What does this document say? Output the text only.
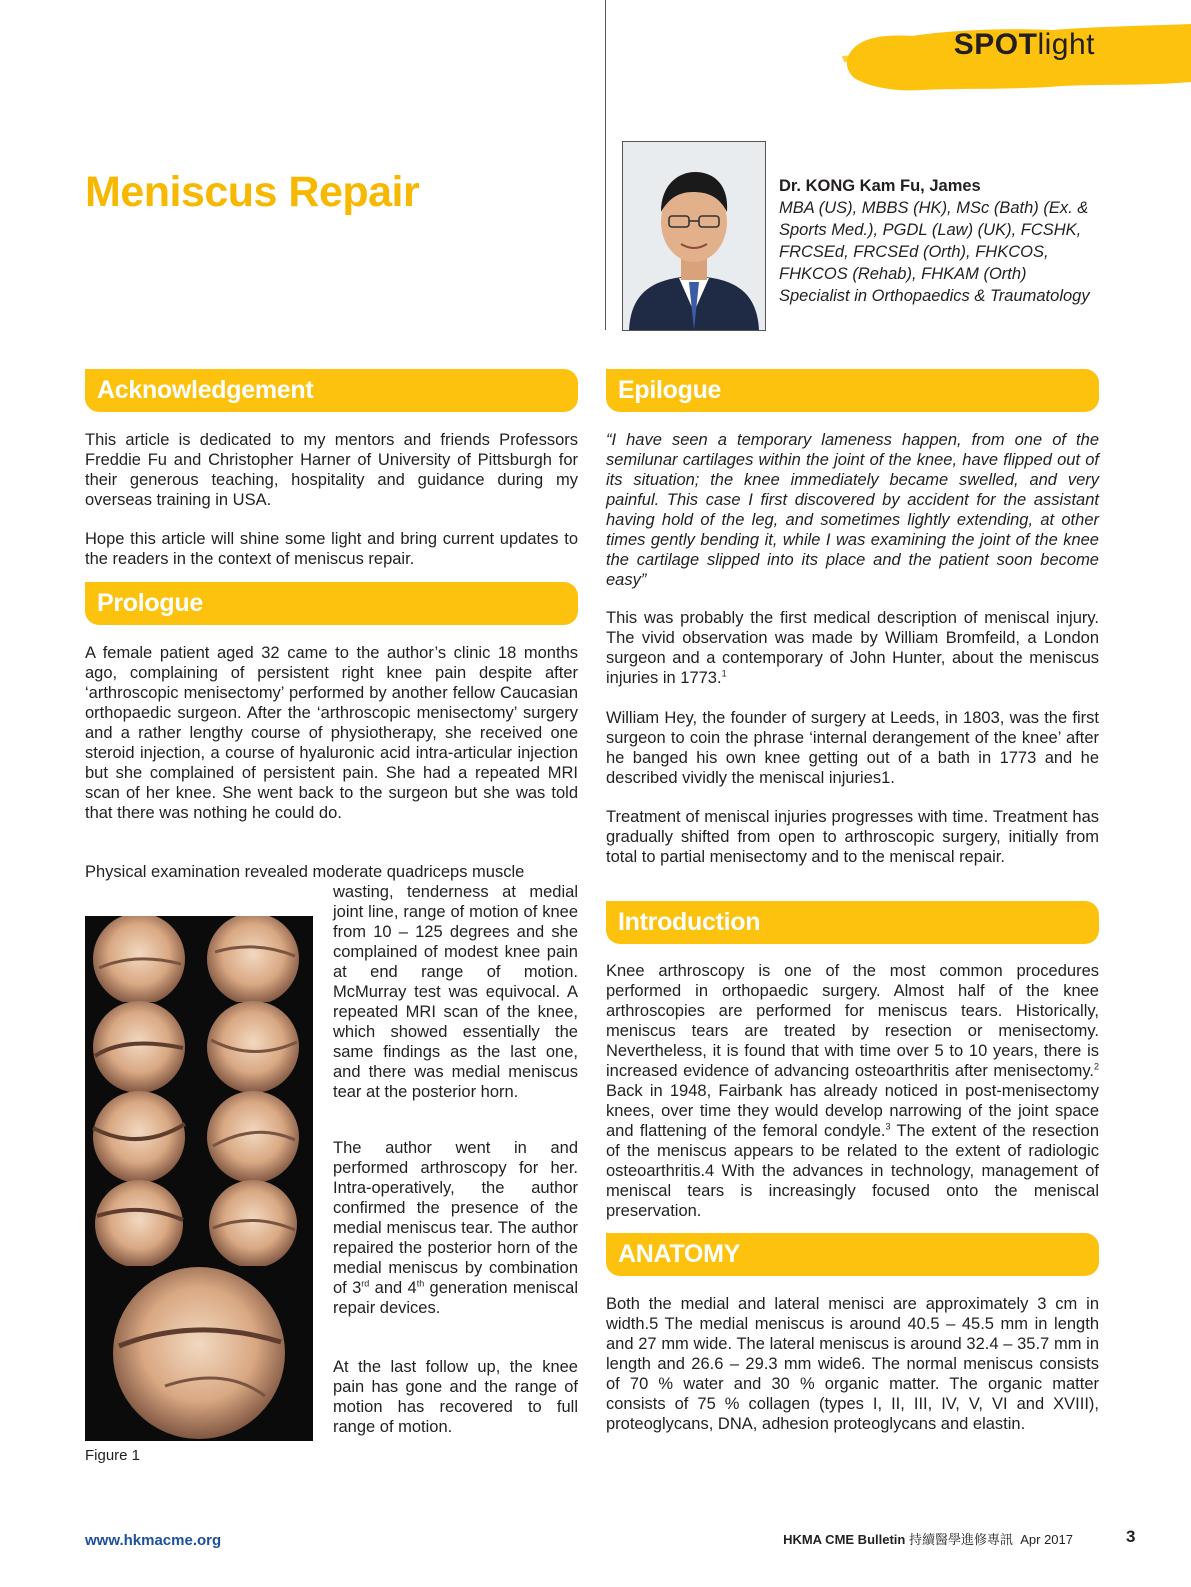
SPOTlight
Meniscus Repair	Dr. KONG Kam Fu, James
MBA (US), MBBS (HK), MSc (Bath) (Ex. & Sports Med.), PGDL (Law) (UK), FCSHK, FRCSEd, FRCSEd (Orth), FHKCOS, FHKCOS (Rehab), FHKAM (Orth)
Specialist in Orthopaedics & Traumatology
Acknowledgement

This article is dedicated to my mentors and friends Professors Freddie Fu and Christopher Harner of University of Pittsburgh for their generous teaching, hospitality and guidance during my overseas training in USA.

Hope this article will shine some light and bring current updates to the readers in the context of meniscus repair.

Prologue

A female patient aged 32 came to the author’s clinic 18 months ago, complaining of persistent right knee pain despite after ‘arthroscopic menisectomy’ performed by another fellow Caucasian orthopaedic surgeon. After the ‘arthroscopic menisectomy’ surgery and a rather lengthy course of physiotherapy, she received one steroid injection, a course of hyaluronic acid intra-articular injection but she complained of persistent pain. She had a repeated MRI scan of her knee. She went back to the surgeon but she was told that there was nothing he could do.

Physical examination revealed moderate quadriceps muscle

wasting, tenderness at medial joint line, range of motion of knee from 10 – 125 degrees and she complained of modest knee pain at end range of motion. McMurray test was equivocal. A repeated MRI scan of the knee, which showed essentially the same findings as the last one, and there was medial meniscus tear at the posterior horn.

The author went in and performed arthroscopy for her. Intra-operatively, the author confirmed the presence of the medial meniscus tear. The author repaired the posterior horn of the medial meniscus by combination of 3rd and 4th generation meniscal repair devices.

At the last follow up, the knee pain has gone and the range of motion has recovered to full range of motion.

Figure 1

Epilogue

“I have seen a temporary lameness happen, from one of the semilunar cartilages within the joint of the knee, have flipped out of its situation; the knee immediately became swelled, and very painful. This case I first discovered by accident for the assistant having hold of the leg, and sometimes lightly extending, at other times gently bending it, while I was examining the joint of the knee the cartilage slipped into its place and the patient soon become easy”

This was probably the first medical description of meniscal injury. The vivid observation was made by William Bromfeild, a London surgeon and a contemporary of John Hunter, about the meniscus injuries in 1773.$^1$

William Hey, the founder of surgery at Leeds, in 1803, was the first surgeon to coin the phrase ‘internal derangement of the knee’ after he banged his own knee getting out of a bath in 1773 and he described vividly the meniscal injuries1.

Treatment of meniscal injuries progresses with time. Treatment has gradually shifted from open to arthroscopic surgery, initially from total to partial menisectomy and to the meniscal repair.

Introduction

Knee arthroscopy is one of the most common procedures performed in orthopaedic surgery. Almost half of the knee arthroscopies are performed for meniscus tears. Historically, meniscus tears are treated by resection or menisectomy. Nevertheless, it is found that with time over 5 to 10 years, there is increased evidence of advancing osteoarthritis after menisectomy.$^2$ Back in 1948, Fairbank has already noticed in post-menisectomy knees, over time they would develop narrowing of the joint space and flattening of the femoral condyle.$^3$ The extent of the resection of the meniscus appears to be related to the extent of radiologic osteoarthritis.4 With the advances in technology, management of meniscal tears is increasingly focused onto the meniscal preservation.

ANATOMY

Both the medial and lateral menisci are approximately 3 cm in width.5 The medial meniscus is around 40.5 – 45.5 mm in length and 27 mm wide. The lateral meniscus is around 32.4 – 35.7 mm in length and 26.6 – 29.3 mm wide6. The normal meniscus consists of 70 % water and 30 % organic matter. The organic matter consists of 75 % collagen (types I, II, III, IV, V, VI and XVIII), proteoglycans, DNA, adhesion proteoglycans and elastin.

www.hkmacme.org	HKMA CME Bulletin 持續醫學進修專訊 Apr 2017	3
